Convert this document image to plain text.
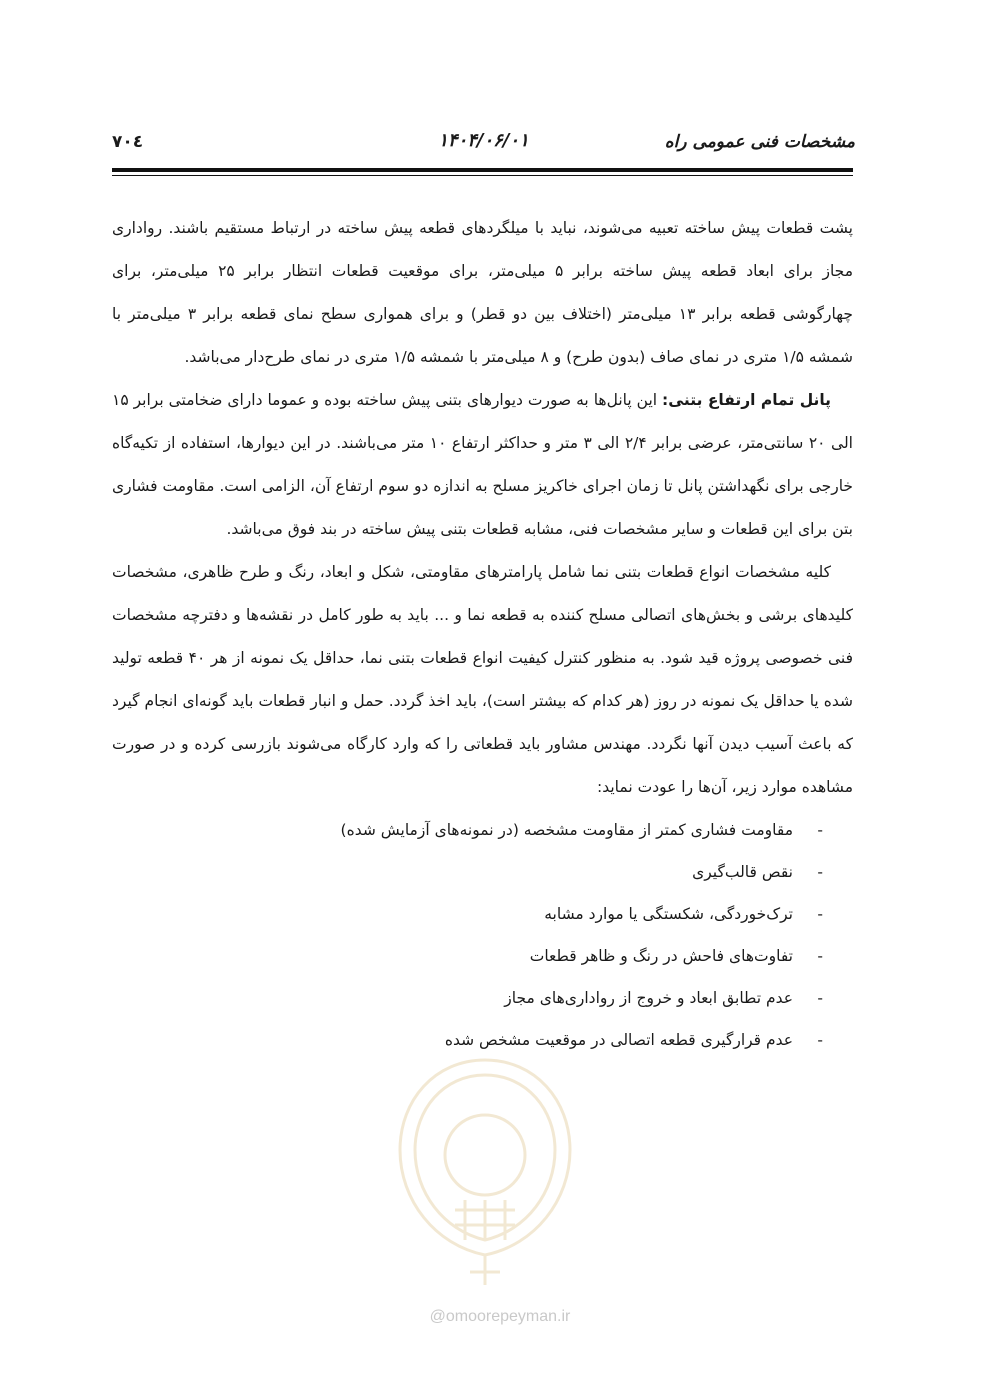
مشخصات فنی عمومی راه
۱۴۰۴/۰۶/۰۱
۷۰٤

پشت قطعات پیش ساخته تعبیه می‌شوند، نباید با میلگردهای قطعه پیش ساخته در ارتباط مستقیم باشند. رواداری مجاز برای ابعاد قطعه پیش ساخته برابر ۵ میلی‌متر، برای موقعیت قطعات انتظار برابر ۲۵ میلی‌متر، برای چهارگوشی قطعه برابر ۱۳ میلی‌متر (اختلاف بین دو قطر) و برای همواری سطح نمای قطعه برابر ۳ میلی‌متر با شمشه ۱/۵ متری در نمای صاف (بدون طرح) و ۸ میلی‌متر با شمشه ۱/۵ متری در نمای طرح‌دار می‌باشد.

پانل تمام ارتفاع بتنی: این پانل‌ها به صورت دیوارهای بتنی پیش ساخته بوده و عموما دارای ضخامتی برابر ۱۵ الی ۲۰ سانتی‌متر، عرضی برابر ۲/۴ الی ۳ متر و حداکثر ارتفاع ۱۰ متر می‌باشند. در این دیوارها، استفاده از تکیه‌گاه خارجی برای نگهداشتن پانل تا زمان اجرای خاکریز مسلح به اندازه دو سوم ارتفاع آن، الزامی است. مقاومت فشاری بتن برای این قطعات و سایر مشخصات فنی، مشابه قطعات بتنی پیش ساخته در بند فوق می‌باشد.

کلیه مشخصات انواع قطعات بتنی نما شامل پارامترهای مقاومتی، شکل و ابعاد، رنگ و طرح ظاهری، مشخصات کلیدهای برشی و بخش‌های اتصالی مسلح کننده به قطعه نما و ... باید به طور کامل در نقشه‌ها و دفترچه مشخصات فنی خصوصی پروژه قید شود. به منظور کنترل کیفیت انواع قطعات بتنی نما، حداقل یک نمونه از هر ۴۰ قطعه تولید شده یا حداقل یک نمونه در روز (هر کدام که بیشتر است)، باید اخذ گردد. حمل و انبار قطعات باید گونه‌ای انجام گیرد که باعث آسیب دیدن آنها نگردد. مهندس مشاور باید قطعاتی را که وارد کارگاه می‌شوند بازرسی کرده و در صورت مشاهده موارد زیر، آن‌ها را عودت نماید:

-
مقاومت فشاری کمتر از مقاومت مشخصه (در نمونه‌های آزمایش شده)
-
نقص قالب‌گیری
-
ترک‌خوردگی، شکستگی یا موارد مشابه
-
تفاوت‌های فاحش در رنگ و ظاهر قطعات
-
عدم تطابق ابعاد و خروج از رواداری‌های مجاز
-
عدم قرارگیری قطعه اتصالی در موقعیت مشخص شده
@omoorepeyman.ir
